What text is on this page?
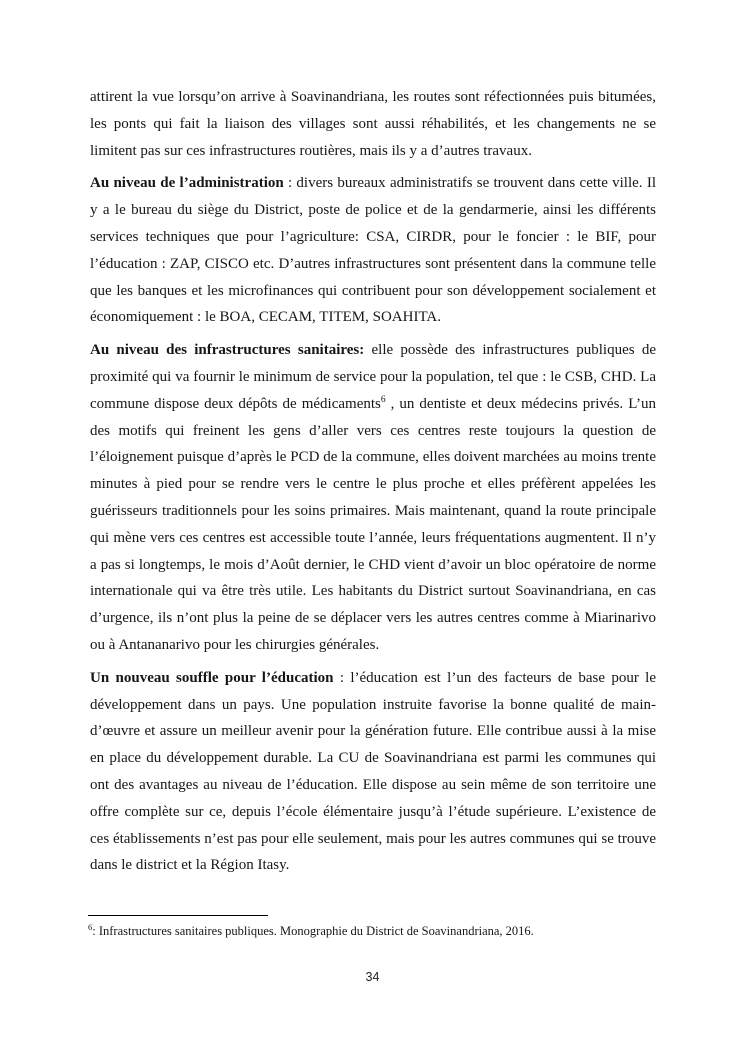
attirent la vue lorsqu’on arrive à Soavinandriana, les routes sont réfectionnées puis bitumées, les ponts qui fait la liaison des villages sont aussi réhabilités, et les changements ne se limitent pas sur ces infrastructures routières, mais ils y a d’autres travaux.

Au niveau de l’administration : divers bureaux administratifs se trouvent dans cette ville. Il y a le bureau du siège du District, poste de police et de la gendarmerie, ainsi les différents services techniques que pour l’agriculture: CSA, CIRDR, pour le foncier : le BIF, pour l’éducation : ZAP, CISCO etc. D’autres infrastructures sont présentent dans la commune telle que les banques et les microfinances qui contribuent pour son développement socialement et économiquement : le BOA, CECAM, TITEM, SOAHITA.

Au niveau des infrastructures sanitaires: elle possède des infrastructures publiques de proximité qui va fournir le minimum de service pour la population, tel que : le CSB, CHD. La commune dispose deux dépôts de médicaments$^6$ , un dentiste et deux médecins privés. L’un des motifs qui freinent les gens d’aller vers ces centres reste toujours la question de l’éloignement puisque d’après le PCD de la commune, elles doivent marchées au moins trente minutes à pied pour se rendre vers le centre le plus proche et elles préfèrent appelées les guérisseurs traditionnels pour les soins primaires. Mais maintenant, quand la route principale qui mène vers ces centres est accessible toute l’année, leurs fréquentations augmentent. Il n’y a pas si longtemps, le mois d’Août dernier, le CHD vient d’avoir un bloc opératoire de norme internationale qui va être très utile. Les habitants du District surtout Soavinandriana, en cas d’urgence, ils n’ont plus la peine de se déplacer vers les autres centres comme à Miarinarivo ou à Antananarivo pour les chirurgies générales.

Un nouveau souffle pour l’éducation : l’éducation est l’un des facteurs de base pour le développement dans un pays. Une population instruite favorise la bonne qualité de main-d’œuvre et assure un meilleur avenir pour la génération future. Elle contribue aussi à la mise en place du développement durable. La CU de Soavinandriana est parmi les communes qui ont des avantages au niveau de l’éducation. Elle dispose au sein même de son territoire une offre complète sur ce, depuis l’école élémentaire jusqu’à l’étude supérieure. L’existence de ces établissements n’est pas pour elle seulement, mais pour les autres communes qui se trouve dans le district et la Région Itasy.

$^6$: Infrastructures sanitaires publiques. Monographie du District de Soavinandriana, 2016.
34
